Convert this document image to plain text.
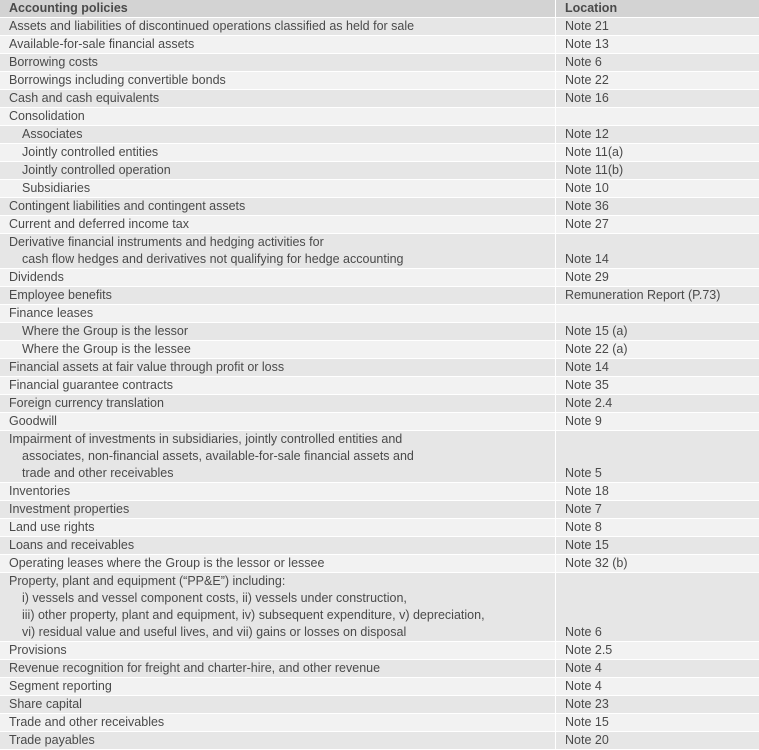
Accounting policies	Location
Assets and liabilities of discontinued operations classified as held for sale	Note 21
Available-for-sale financial assets	Note 13
Borrowing costs	Note 6
Borrowings including convertible bonds	Note 22
Cash and cash equivalents	Note 16
Consolidation
Associates	Note 12
Jointly controlled entities	Note 11(a)
Jointly controlled operation	Note 11(b)
Subsidiaries	Note 10
Contingent liabilities and contingent assets	Note 36
Current and deferred income tax	Note 27
Derivative financial instruments and hedging activities for
cash flow hedges and derivatives not qualifying for hedge accounting	Note 14
Dividends	Note 29
Employee benefits	Remuneration Report (P.73)
Finance leases
Where the Group is the lessor	Note 15 (a)
Where the Group is the lessee	Note 22 (a)
Financial assets at fair value through profit or loss	Note 14
Financial guarantee contracts	Note 35
Foreign currency translation	Note 2.4
Goodwill	Note 9
Impairment of investments in subsidiaries, jointly controlled entities and
associates, non-financial assets, available-for-sale financial assets and
trade and other receivables	Note 5
Inventories	Note 18
Investment properties	Note 7
Land use rights	Note 8
Loans and receivables	Note 15
Operating leases where the Group is the lessor or lessee	Note 32 (b)
Property, plant and equipment (“PP&E”) including:
i) vessels and vessel component costs, ii) vessels under construction,
iii) other property, plant and equipment, iv) subsequent expenditure, v) depreciation,
vi) residual value and useful lives, and vii) gains or losses on disposal	Note 6
Provisions	Note 2.5
Revenue recognition for freight and charter-hire, and other revenue	Note 4
Segment reporting	Note 4
Share capital	Note 23
Trade and other receivables	Note 15
Trade payables	Note 20
